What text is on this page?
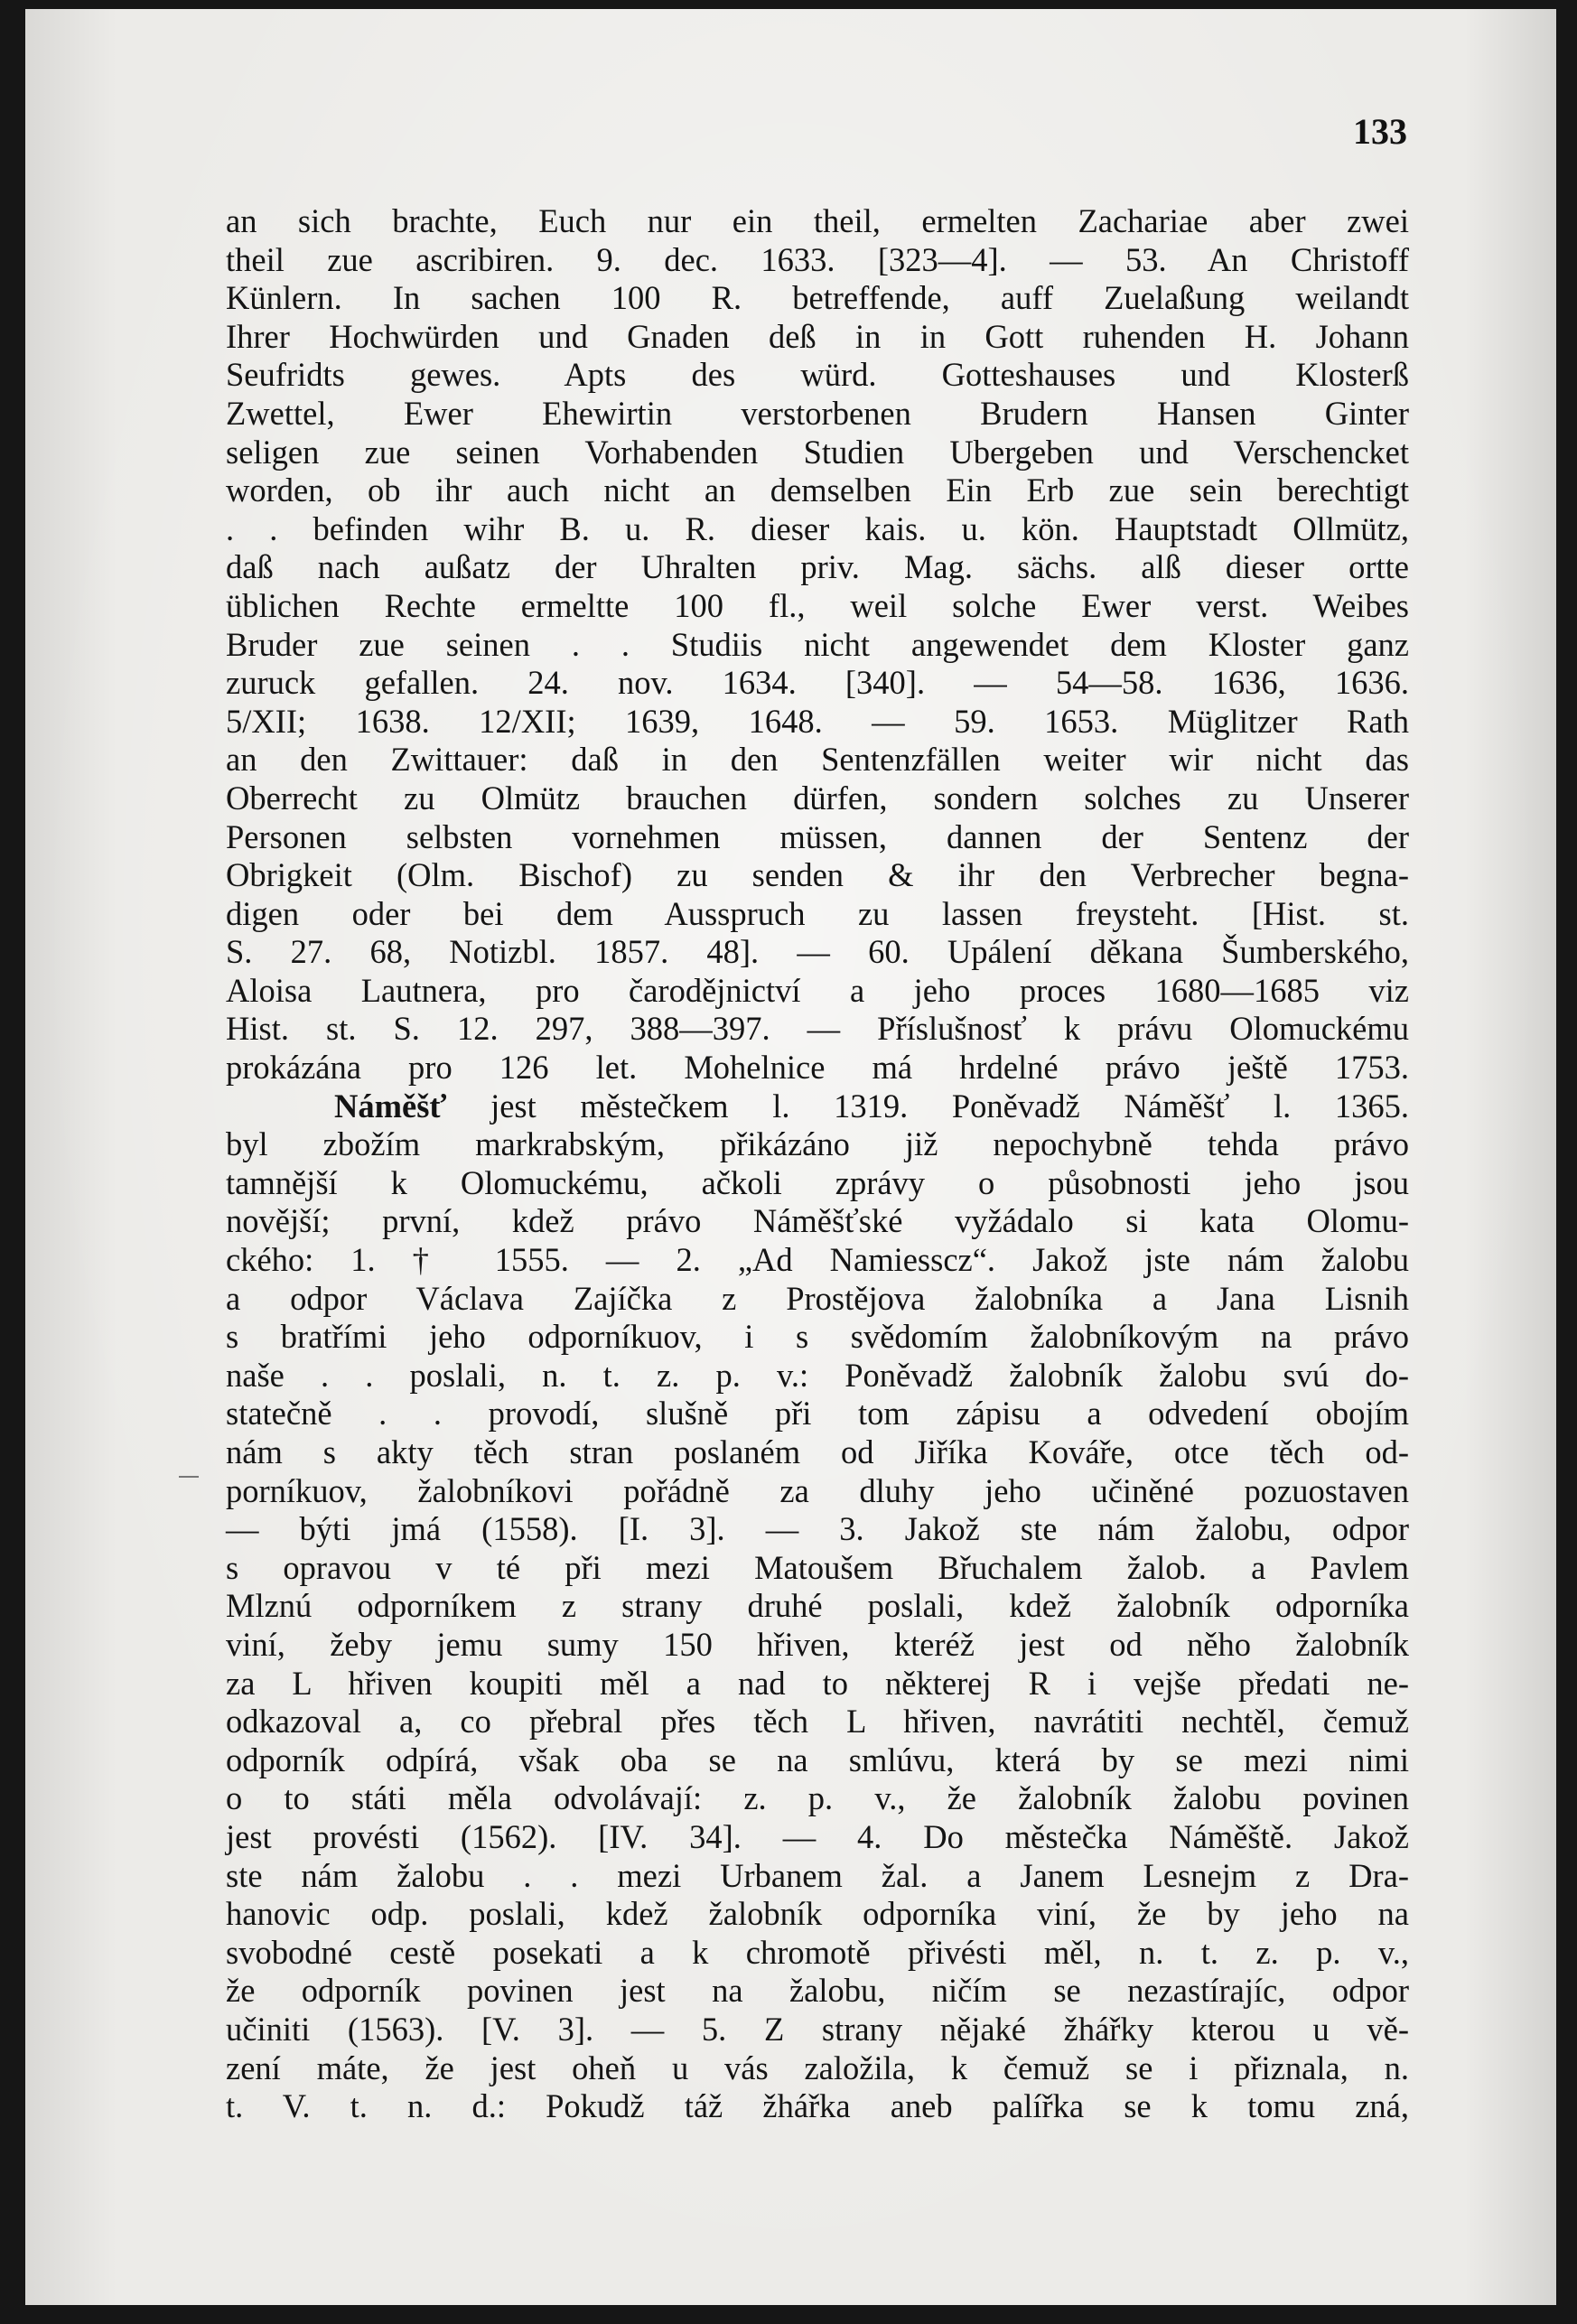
133

an sich brachte, Euch nur ein theil, ermelten Zachariae aber zwei
theil zue ascribiren. 9. dec. 1633. [323—4]. — 53. An Christoff
Künlern. In sachen 100 R. betreffende, auff Zuelaßung weilandt
Ihrer Hochwürden und Gnaden deß in in Gott ruhenden H. Johann
Seufridts gewes. Apts des würd. Gotteshauses und Klosterß
Zwettel, Ewer Ehewirtin verstorbenen Brudern Hansen Ginter
seligen zue seinen Vorhabenden Studien Ubergeben und Verschencket
worden, ob ihr auch nicht an demselben Ein Erb zue sein berechtigt
. . befinden wihr B. u. R. dieser kais. u. kön. Hauptstadt Ollmütz,
daß nach außatz der Uhralten priv. Mag. sächs. alß dieser ortte
üblichen Rechte ermeltte 100 fl., weil solche Ewer verst. Weibes
Bruder zue seinen . . Studiis nicht angewendet dem Kloster ganz
zuruck gefallen. 24. nov. 1634. [340]. — 54—58. 1636, 1636.
5/XII; 1638. 12/XII; 1639, 1648. — 59. 1653. Müglitzer Rath
an den Zwittauer: daß in den Sentenzfällen weiter wir nicht das
Oberrecht zu Olmütz brauchen dürfen, sondern solches zu Unserer
Personen selbsten vornehmen müssen, dannen der Sentenz der
Obrigkeit (Olm. Bischof) zu senden & ihr den Verbrecher begna-
digen oder bei dem Ausspruch zu lassen freysteht. [Hist. st.
S. 27. 68, Notizbl. 1857. 48]. — 60. Upálení děkana Šumberského,
Aloisa Lautnera, pro čarodějnictví a jeho proces 1680—1685 viz
Hist. st. S. 12. 297, 388—397. — Příslušnosť k právu Olomuckému
prokázána pro 126 let. Mohelnice má hrdelné právo ještě 1753.
Náměšť jest městečkem l. 1319. Poněvadž Náměšť l. 1365.
byl zbožím markrabským, přikázáno již nepochybně tehda právo
tamnější k Olomuckému, ačkoli zprávy o působnosti jeho jsou
novější; první, kdež právo Náměšťské vyžádalo si kata Olomu-
ckého: 1. † 1555. — 2. „Ad Namiesscz“. Jakož jste nám žalobu
a odpor Václava Zajíčka z Prostějova žalobníka a Jana Lisnih
s bratřími jeho odporníkuov, i s svědomím žalobníkovým na právo
naše . . poslali, n. t. z. p. v.: Poněvadž žalobník žalobu svú do-
statečně . . provodí, slušně při tom zápisu a odvedení obojím
nám s akty těch stran poslaném od Jiříka Kováře, otce těch od-
porníkuov, žalobníkovi pořádně za dluhy jeho učiněné pozuostaven
— býti jmá (1558). [I. 3]. — 3. Jakož ste nám žalobu, odpor
s opravou v té při mezi Matoušem Břuchalem žalob. a Pavlem
Mlznú odporníkem z strany druhé poslali, kdež žalobník odporníka
viní, žeby jemu sumy 150 hřiven, kteréž jest od něho žalobník
za L hřiven koupiti měl a nad to některej R i vejše předati ne-
odkazoval a, co přebral přes těch L hřiven, navrátiti nechtěl, čemuž
odporník odpírá, však oba se na smlúvu, která by se mezi nimi
o to státi měla odvolávají: z. p. v., že žalobník žalobu povinen
jest provésti (1562). [IV. 34]. — 4. Do městečka Náměště. Jakož
ste nám žalobu . . mezi Urbanem žal. a Janem Lesnejm z Dra-
hanovic odp. poslali, kdež žalobník odporníka viní, že by jeho na
svobodné cestě posekati a k chromotě přivésti měl, n. t. z. p. v.,
že odporník povinen jest na žalobu, ničím se nezastírajíc, odpor
učiniti (1563). [V. 3]. — 5. Z strany nějaké žhářky kterou u vě-
zení máte, že jest oheň u vás založila, k čemuž se i přiznala, n.
t. V. t. n. d.: Pokudž táž žhářka aneb palířka se k tomu zná,
